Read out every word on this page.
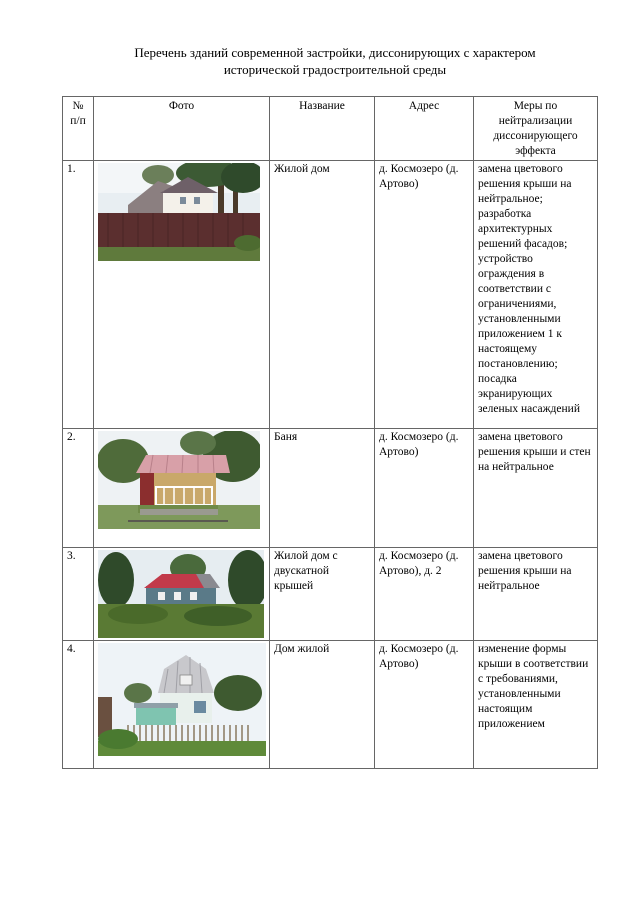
Перечень зданий современной застройки, диссонирующих с характером
исторической градостроительной среды
№ п/п	Фото	Название	Адрес	Меры по нейтрализации диссонирующего эффекта
1.		Жилой дом	д. Космозеро (д. Артово)	замена цветового решения крыши на нейтральное; разработка архитектурных решений фасадов; устройство ограждения в соответствии с ограничениями, установленными приложением 1 к настоящему постановлению; посадка экранирующих зеленых насаждений
2.		Баня	д. Космозеро (д. Артово)	замена цветового решения крыши и стен на нейтральное
3.		Жилой дом с двускатной крышей	д. Космозеро (д. Артово), д. 2	замена цветового решения крыши на нейтральное
4.		Дом жилой	д. Космозеро (д. Артово)	изменение формы крыши в соответствии с требованиями, установленными настоящим приложением
